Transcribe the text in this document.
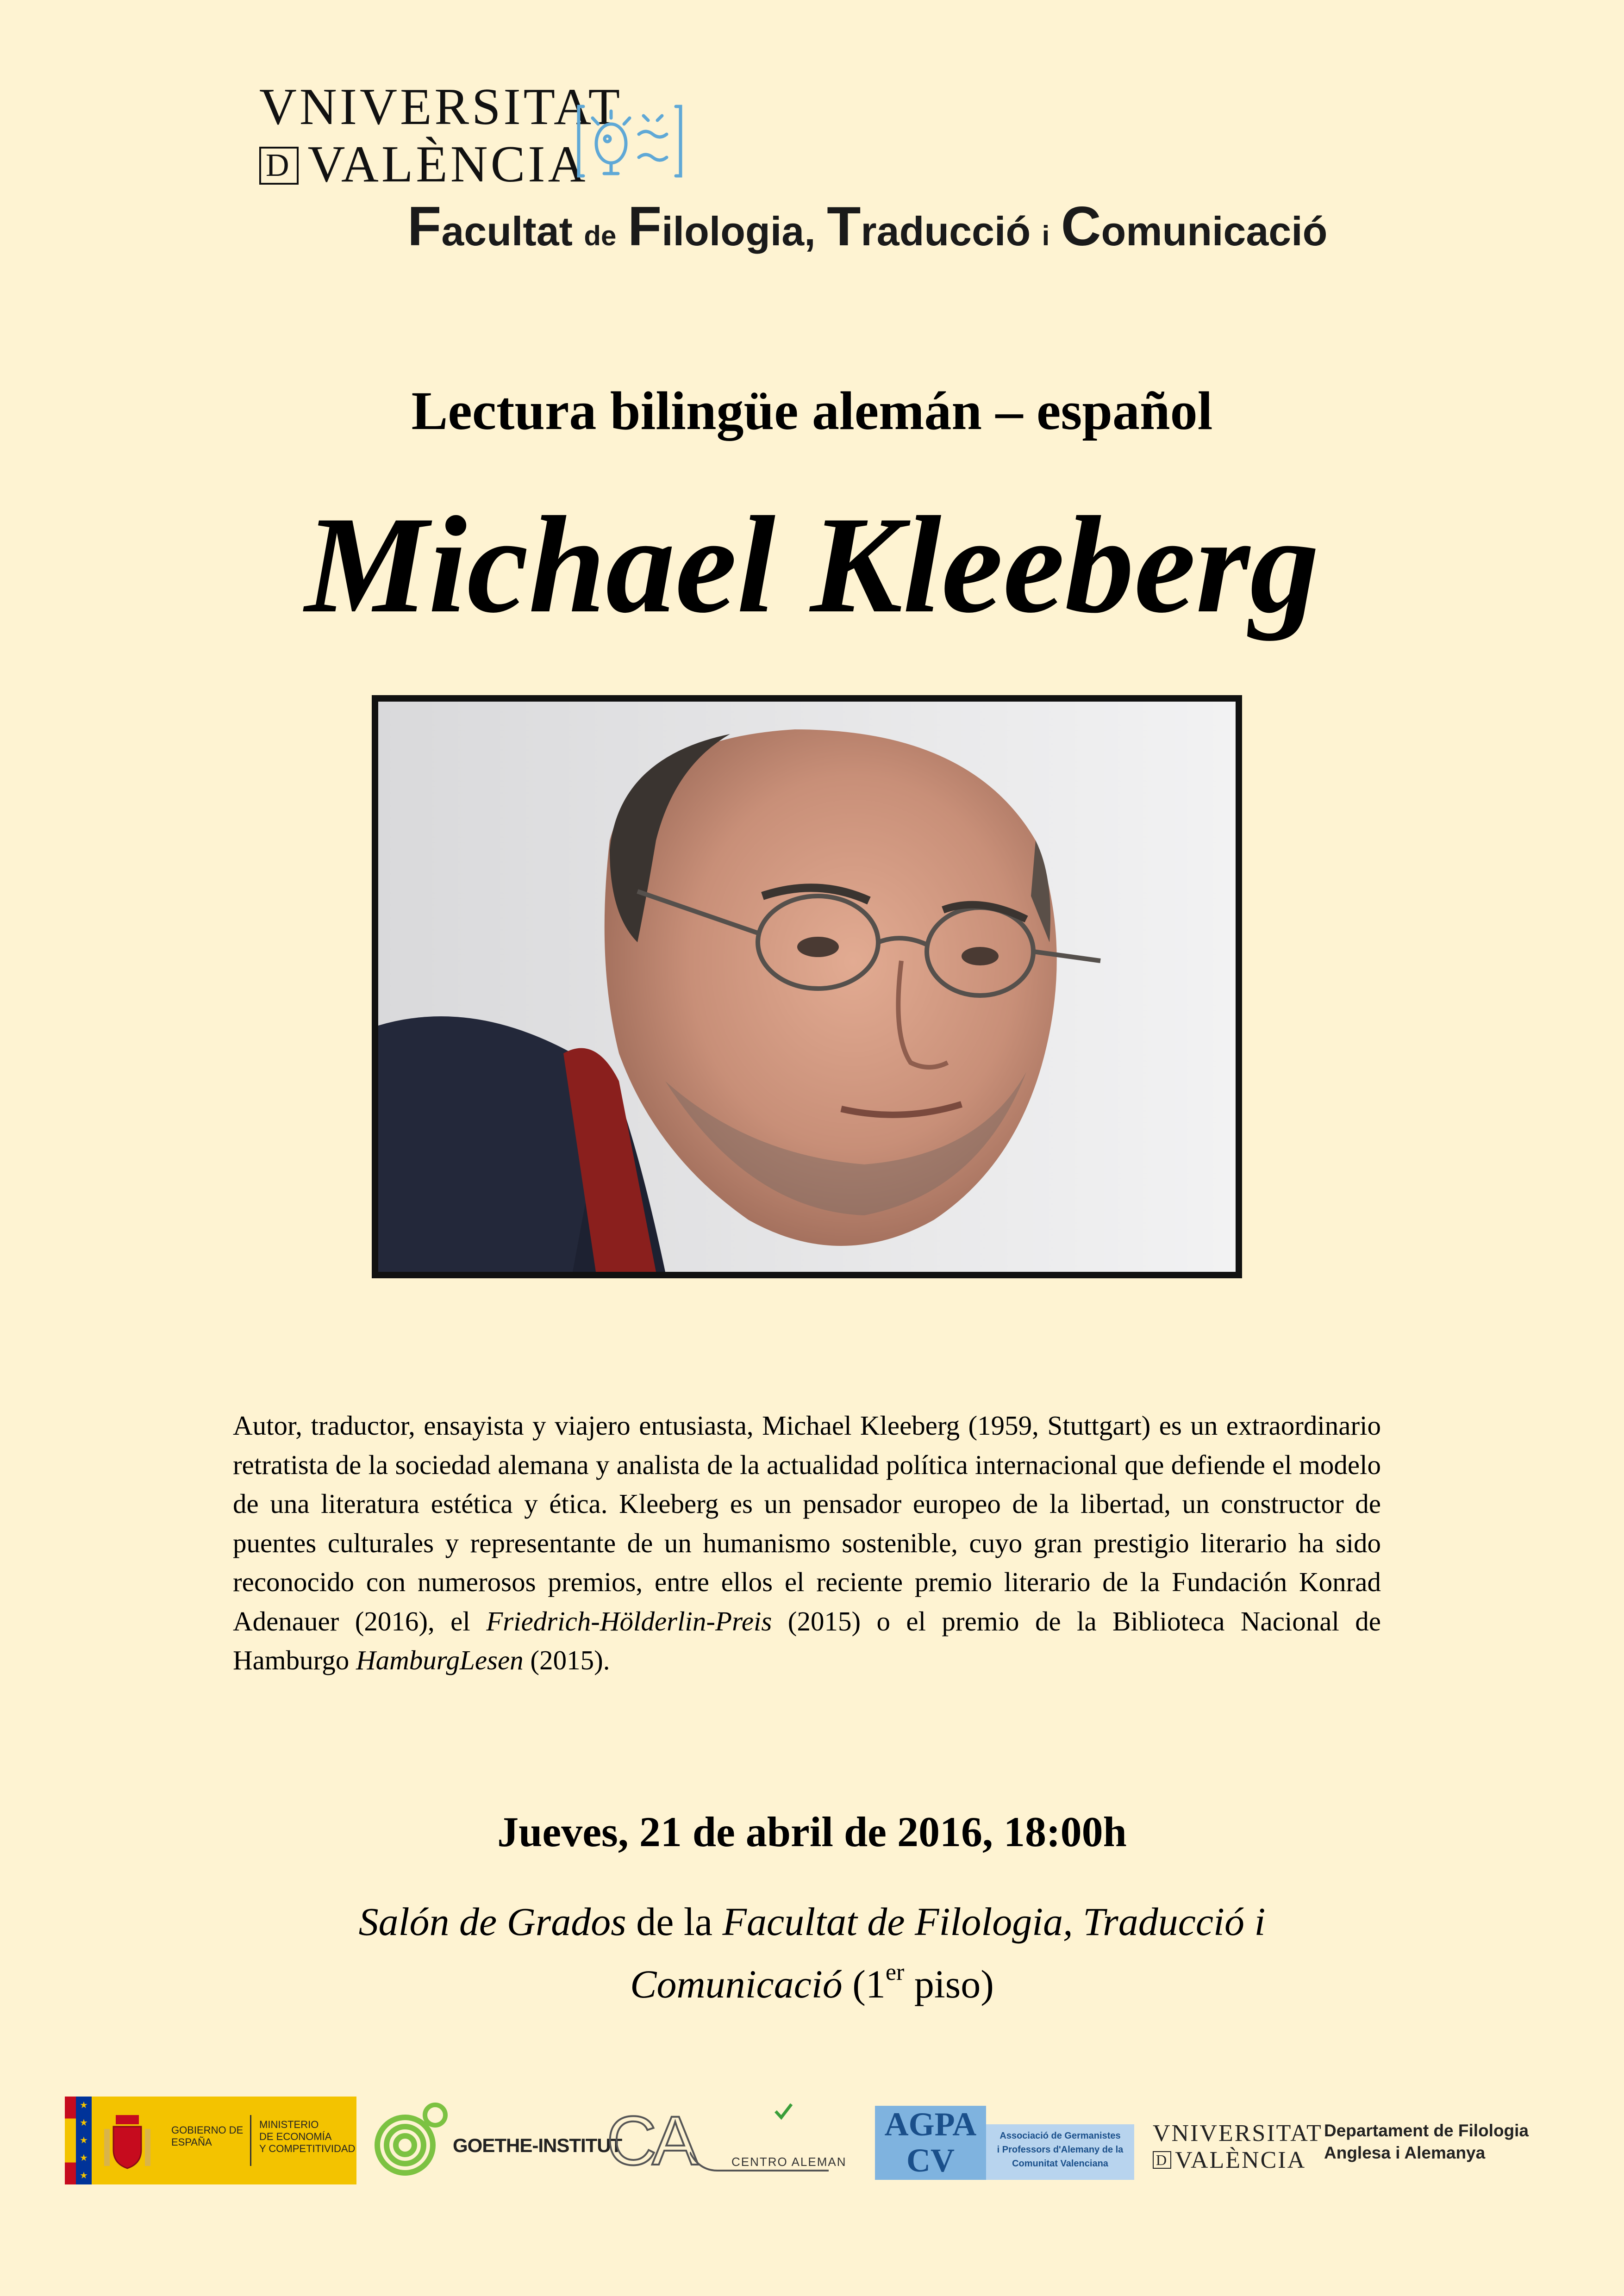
VNIVERSITAT
D VALÈNCIA
Facultat de Filologia, Traducció i Comunicació
Lectura bilingüe alemán – español
Michael Kleeberg
Autor, traductor, ensayista y viajero entusiasta, Michael Kleeberg (1959, Stuttgart) es un extraordinario retratista de la sociedad alemana y analista de la actualidad política internacional que defiende el modelo de una literatura estética y ética. Kleeberg es un pensador europeo de la libertad, un constructor de puentes culturales y representante de un humanismo sostenible, cuyo gran prestigio literario ha sido reconocido con numerosos premios, entre ellos el reciente premio literario de la Fundación Konrad Adenauer (2016), el Friedrich-Hölderlin-Preis (2015) o el premio de la Biblioteca Nacional de Hamburgo HamburgLesen (2015).
Jueves, 21 de abril de 2016, 18:00h
Salón de Grados de la Facultat de Filologia, Traducció i Comunicació (1er piso)
★
★
★
★
★
GOBIERNO DE ESPAÑA
MINISTERIO
DE ECONOMÍA
Y COMPETITIVIDAD	GOETHE-INSTITUT
CA	CENTRO ALEMAN
AGPA
CV
Associació de Germanistes
i Professors d'Alemany de la
Comunitat Valenciana
VNIVERSITAT
D VALÈNCIA
Departament de Filologia
Anglesa i Alemanya
